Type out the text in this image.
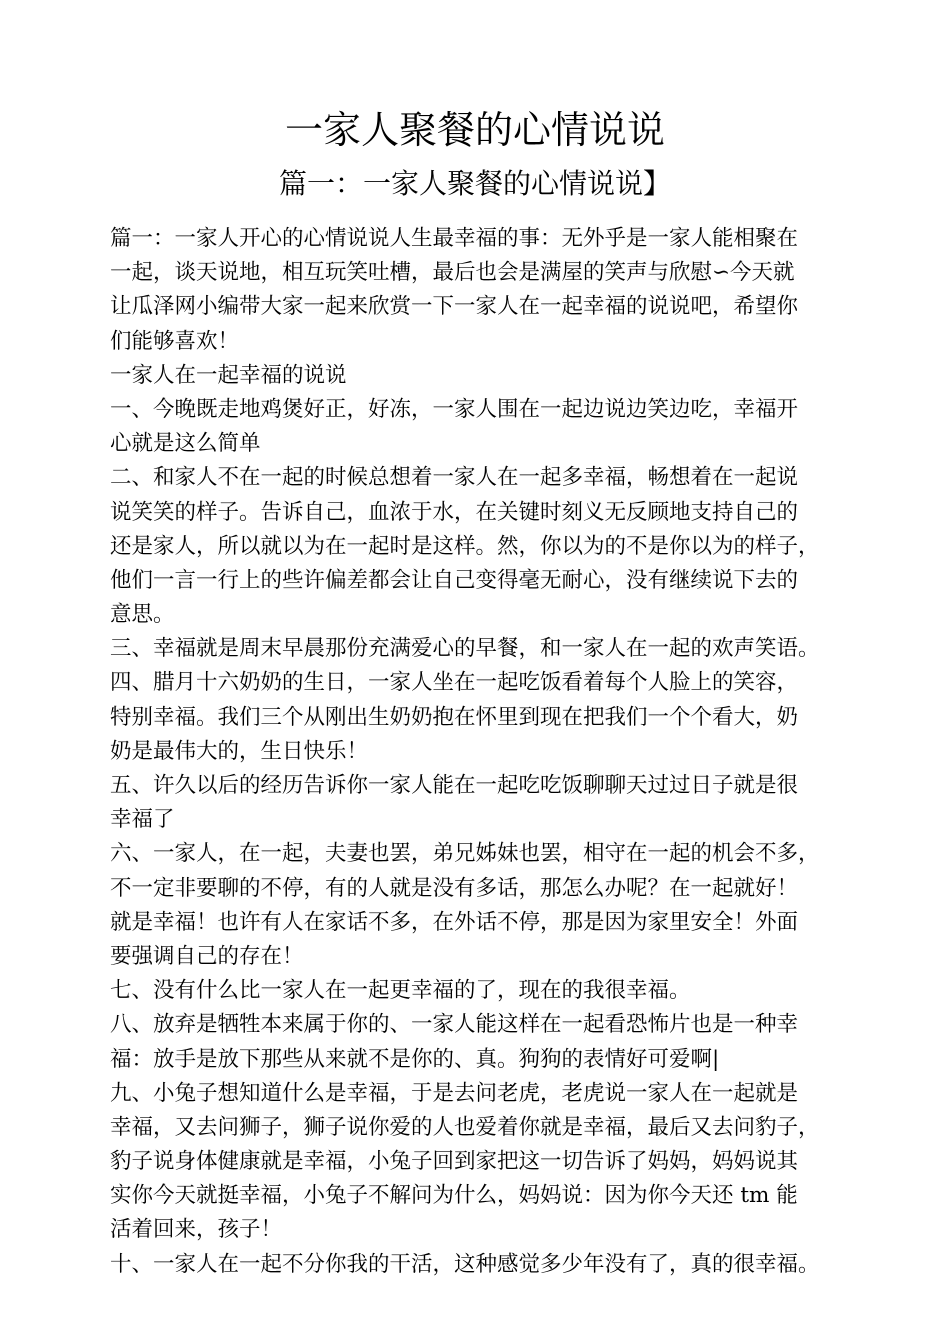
一家人聚餐的心情说说
篇一：一家人聚餐的心情说说】
篇一：一家人开心的心情说说人生最幸福的事：无外乎是一家人能相聚在
一起，谈天说地，相互玩笑吐槽，最后也会是满屋的笑声与欣慰∽今天就
让瓜泽网小编带大家一起来欣赏一下一家人在一起幸福的说说吧，希望你
们能够喜欢！
一家人在一起幸福的说说
一、今晚既走地鸡煲好正，好冻，一家人围在一起边说边笑边吃，幸福开
心就是这么简单
二、和家人不在一起的时候总想着一家人在一起多幸福，畅想着在一起说
说笑笑的样子。告诉自己，血浓于水，在关键时刻义无反顾地支持自己的
还是家人，所以就以为在一起时是这样。然，你以为的不是你以为的样子，
他们一言一行上的些许偏差都会让自己变得毫无耐心，没有继续说下去的
意思。
三、幸福就是周末早晨那份充满爱心的早餐，和一家人在一起的欢声笑语。
四、腊月十六奶奶的生日，一家人坐在一起吃饭看着每个人脸上的笑容，
特别幸福。我们三个从刚出生奶奶抱在怀里到现在把我们一个个看大，奶
奶是最伟大的，生日快乐！
五、许久以后的经历告诉你一家人能在一起吃吃饭聊聊天过过日子就是很
幸福了
六、一家人，在一起，夫妻也罢，弟兄姊妹也罢，相守在一起的机会不多，
不一定非要聊的不停，有的人就是没有多话，那怎么办呢？在一起就好！
就是幸福！也许有人在家话不多，在外话不停，那是因为家里安全！外面
要强调自己的存在！
七、没有什么比一家人在一起更幸福的了，现在的我很幸福。
八、放弃是牺牲本来属于你的、一家人能这样在一起看恐怖片也是一种幸
福：放手是放下那些从来就不是你的、真。狗狗的表情好可爱啊|
九、小兔子想知道什么是幸福，于是去问老虎，老虎说一家人在一起就是
幸福，又去问狮子，狮子说你爱的人也爱着你就是幸福，最后又去问豹子，
豹子说身体健康就是幸福，小兔子回到家把这一切告诉了妈妈，妈妈说其
实你今天就挺幸福，小兔子不解问为什么，妈妈说：因为你今天还 tm 能
活着回来，孩子！
十、一家人在一起不分你我的干活，这种感觉多少年没有了，真的很幸福。
